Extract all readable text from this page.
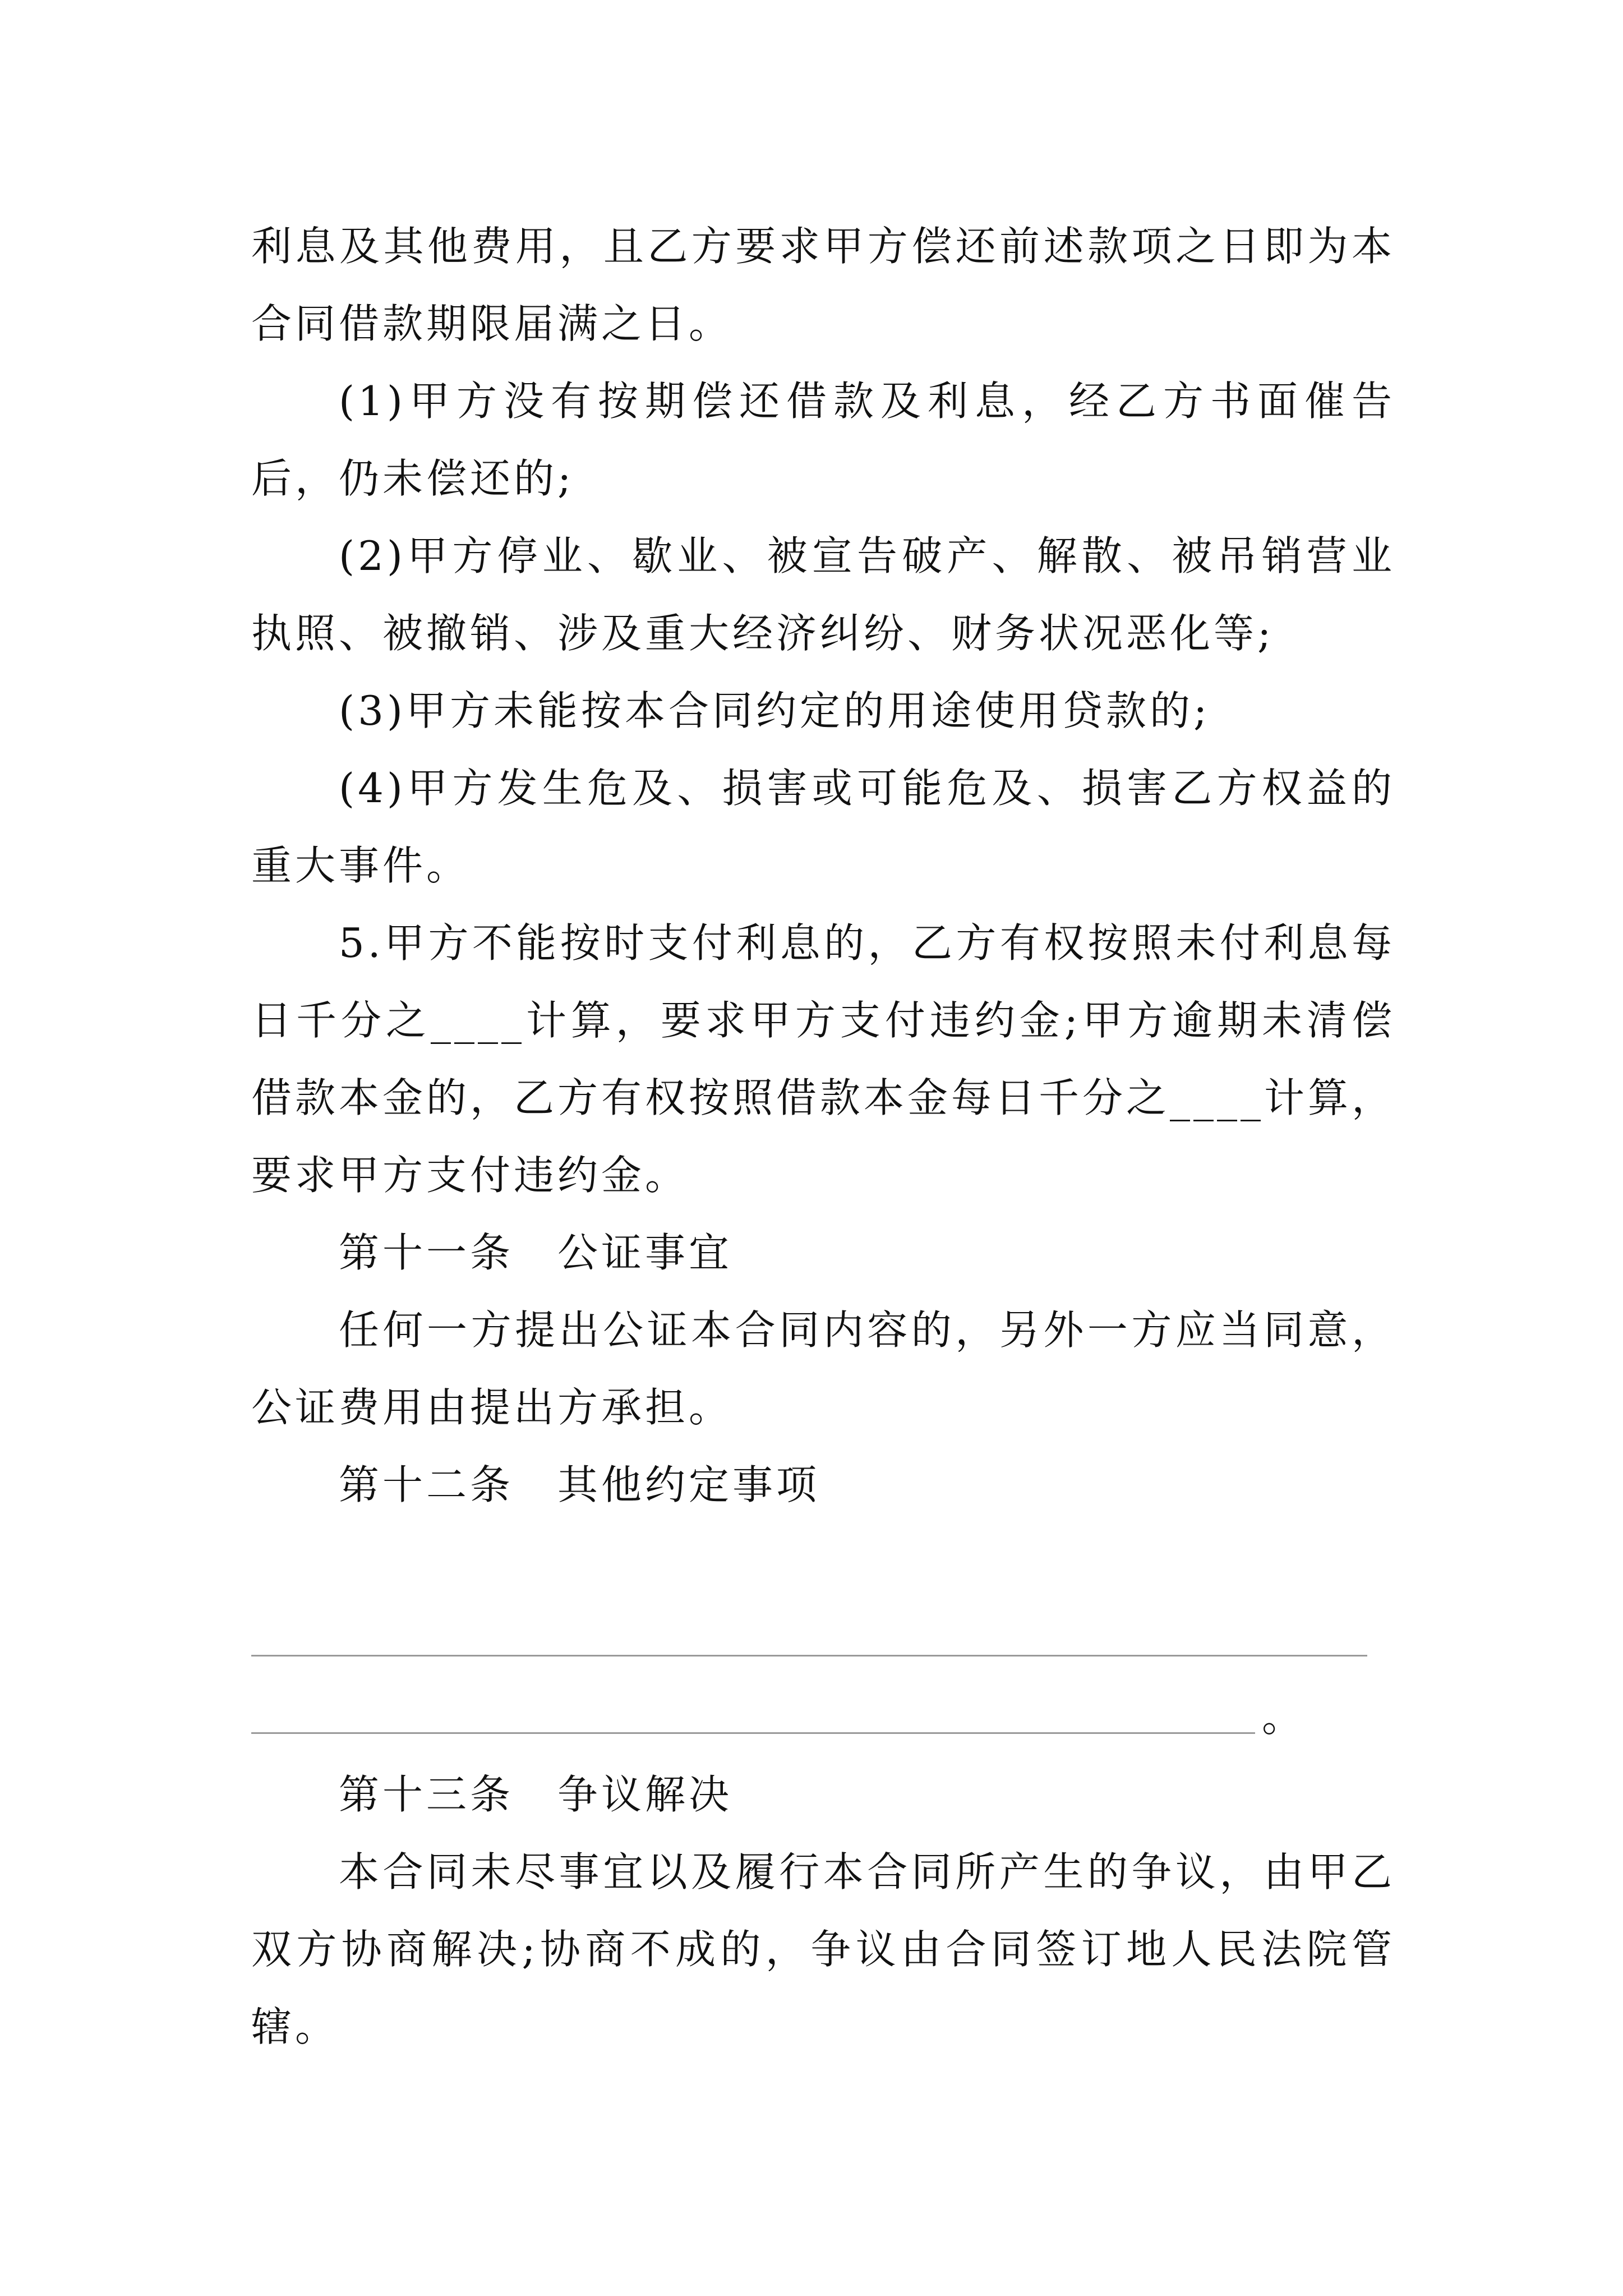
利息及其他费用，且乙方要求甲方偿还前述款项之日即为本合同借款期限届满之日。

(1)甲方没有按期偿还借款及利息，经乙方书面催告后，仍未偿还的;

(2)甲方停业、歇业、被宣告破产、解散、被吊销营业执照、被撤销、涉及重大经济纠纷、财务状况恶化等;

(3)甲方未能按本合同约定的用途使用贷款的;

(4)甲方发生危及、损害或可能危及、损害乙方权益的重大事件。

5.甲方不能按时支付利息的，乙方有权按照未付利息每日千分之____计算，要求甲方支付违约金;甲方逾期未清偿借款本金的，乙方有权按照借款本金每日千分之____计算，要求甲方支付违约金。

第十一条　公证事宜

任何一方提出公证本合同内容的，另外一方应当同意，公证费用由提出方承担。

第十二条　其他约定事项

。

第十三条　争议解决

本合同未尽事宜以及履行本合同所产生的争议，由甲乙双方协商解决;协商不成的，争议由合同签订地人民法院管辖。
